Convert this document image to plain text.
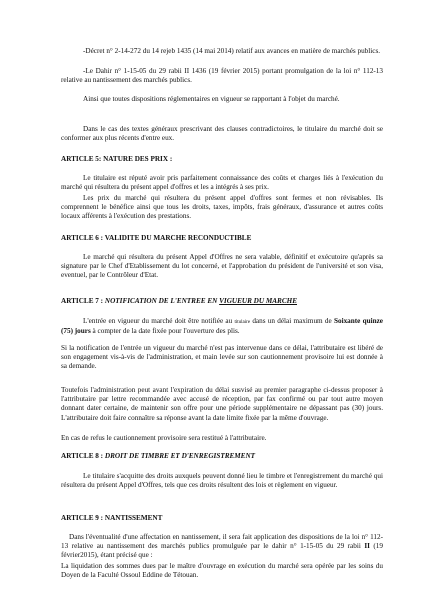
-Décret n° 2-14-272 du 14 rejeb 1435 (14 mai 2014) relatif aux avances en matière de marchés publics.

-Le Dahir n° 1-15-05 du 29 rabii II 1436 (19 février 2015) portant promulgation de la loi n° 112-13 relative au nantissement des marchés publics.

Ainsi que toutes dispositions réglementaires en vigueur se rapportant à l'objet du marché.

Dans le cas des textes généraux prescrivant des clauses contradictoires, le titulaire du marché doit se conformer aux plus récents d'entre eux.

ARTICLE 5: NATURE DES PRIX :

Le titulaire est réputé avoir pris parfaitement connaissance des coûts et charges liés à l'exécution du marché qui résultera du présent appel d'offres et les a intégrés à ses prix.

Les prix du marché qui résultera du présent appel d'offres sont fermes et non révisables. Ils comprennent le bénéfice ainsi que tous les droits, taxes, impôts, frais généraux, d'assurance et autres coûts locaux afférents à l'exécution des prestations.

ARTICLE 6 : VALIDITE DU MARCHE RECONDUCTIBLE

Le marché qui résultera du présent Appel d'Offres ne sera valable, définitif et exécutoire qu'après sa signature par le Chef d'Etablissement du lot concerné, et l'approbation du président de l'université et son visa, eventuel, par le Contrôleur d'Etat.

ARTICLE 7 : NOTIFICATION DE L'ENTREE EN VIGUEUR DU MARCHE

L'entrée en vigueur du marché doit être notifiée au titulaire dans un délai maximum de Soixante quinze (75) jours à compter de la date fixée pour l'ouverture des plis.

Si la notification de l'entrée un vigueur du marché n'est pas intervenue dans ce délai, l'attributaire est libéré de son engagement vis-à-vis de l'administration, et main levée sur son cautionnement provisoire lui est donnée à sa demande.

Toutefois l'administration peut avant l'expiration du délai susvisé au premier paragraphe ci-dessus proposer à l'attributaire par lettre recommandée avec accusé de réception, par fax confirmé ou par tout autre moyen donnant dater certaine, de maintenir son offre pour une période supplémentaire ne dépassant pas (30) jours. L'attributaire doit faire connaître sa réponse avant la date limite fixée par la même d'ouvrage.

En cas de refus le cautionnement provisoire sera restitué à l'attributaire.

ARTICLE 8 : DROIT DE TIMBRE ET D'ENREGISTREMENT

Le titulaire s'acquitte des droits auxquels peuvent donné lieu le timbre et l'enregistrement du marché qui résultera du présent Appel d'Offres, tels que ces droits résultent des lois et règlement en vigueur.

ARTICLE 9 : NANTISSEMENT

Dans l'éventualité d'une affectation en nantissement, il sera fait application des dispositions de la loi n° 112-13 relative au nantissement des marchés publics promulguée par le dahir n° 1-15-05 du 29 rabii II (19 février2015), étant précisé que :

La liquidation des sommes dues par le maître d'ouvrage en exécution du marché sera opérée par les soins du Doyen de la Faculté Ossoul Eddine de Tétouan.
